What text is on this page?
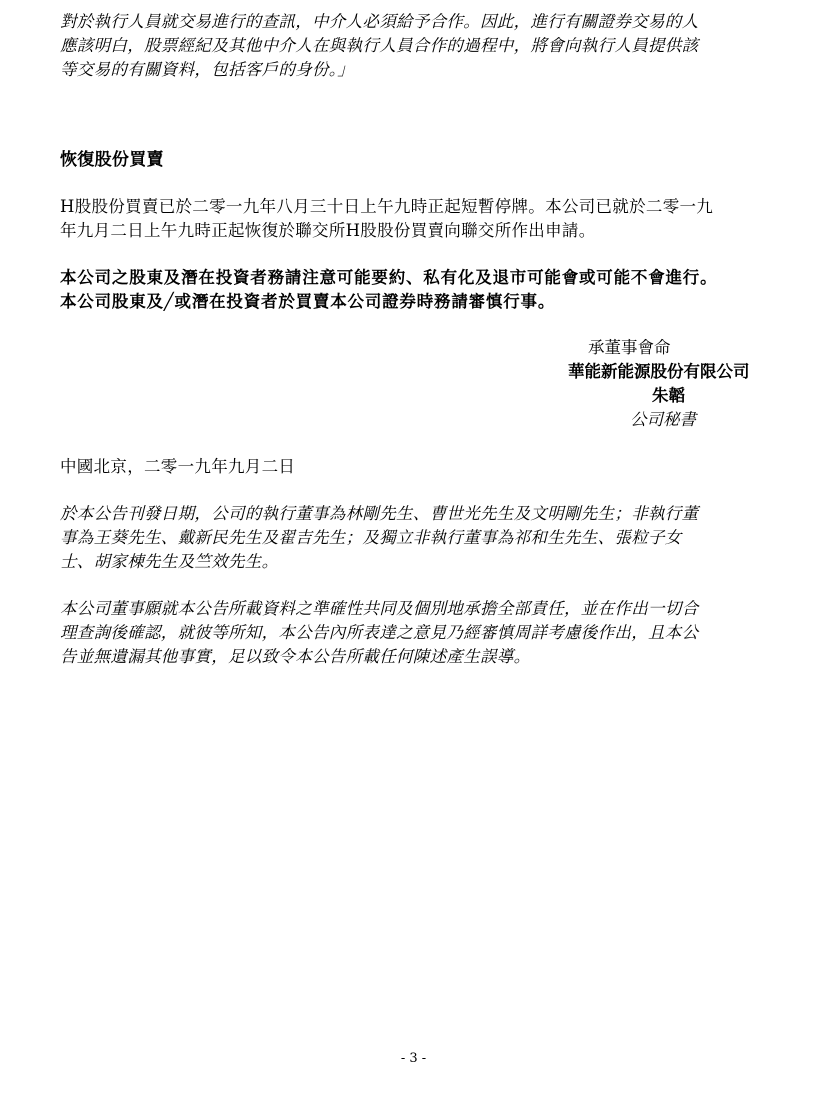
對於執行人員就交易進行的查訊，中介人必須給予合作。因此，進行有關證券交易的人
應該明白，股票經紀及其他中介人在與執行人員合作的過程中，將會向執行人員提供該
等交易的有關資料，包括客戶的身份。」
恢復股份買賣
H股股份買賣已於二零一九年八月三十日上午九時正起短暫停牌。本公司已就於二零一九
年九月二日上午九時正起恢復於聯交所H股股份買賣向聯交所作出申請。
本公司之股東及潛在投資者務請注意可能要約、私有化及退市可能會或可能不會進行。
本公司股東及╱或潛在投資者於買賣本公司證券時務請審慎行事。
承董事會命
華能新能源股份有限公司
朱韜
公司秘書
中國北京，二零一九年九月二日
於本公告刊發日期，公司的執行董事為林剛先生、曹世光先生及文明剛先生；非執行董
事為王葵先生、戴新民先生及翟吉先生；及獨立非執行董事為祁和生先生、張粒子女
士、胡家棟先生及竺效先生。
本公司董事願就本公告所載資料之準確性共同及個別地承擔全部責任，並在作出一切合
理查詢後確認，就彼等所知，本公告內所表達之意見乃經審慎周詳考慮後作出，且本公
告並無遺漏其他事實，足以致令本公告所載任何陳述產生誤導。
- 3 -
